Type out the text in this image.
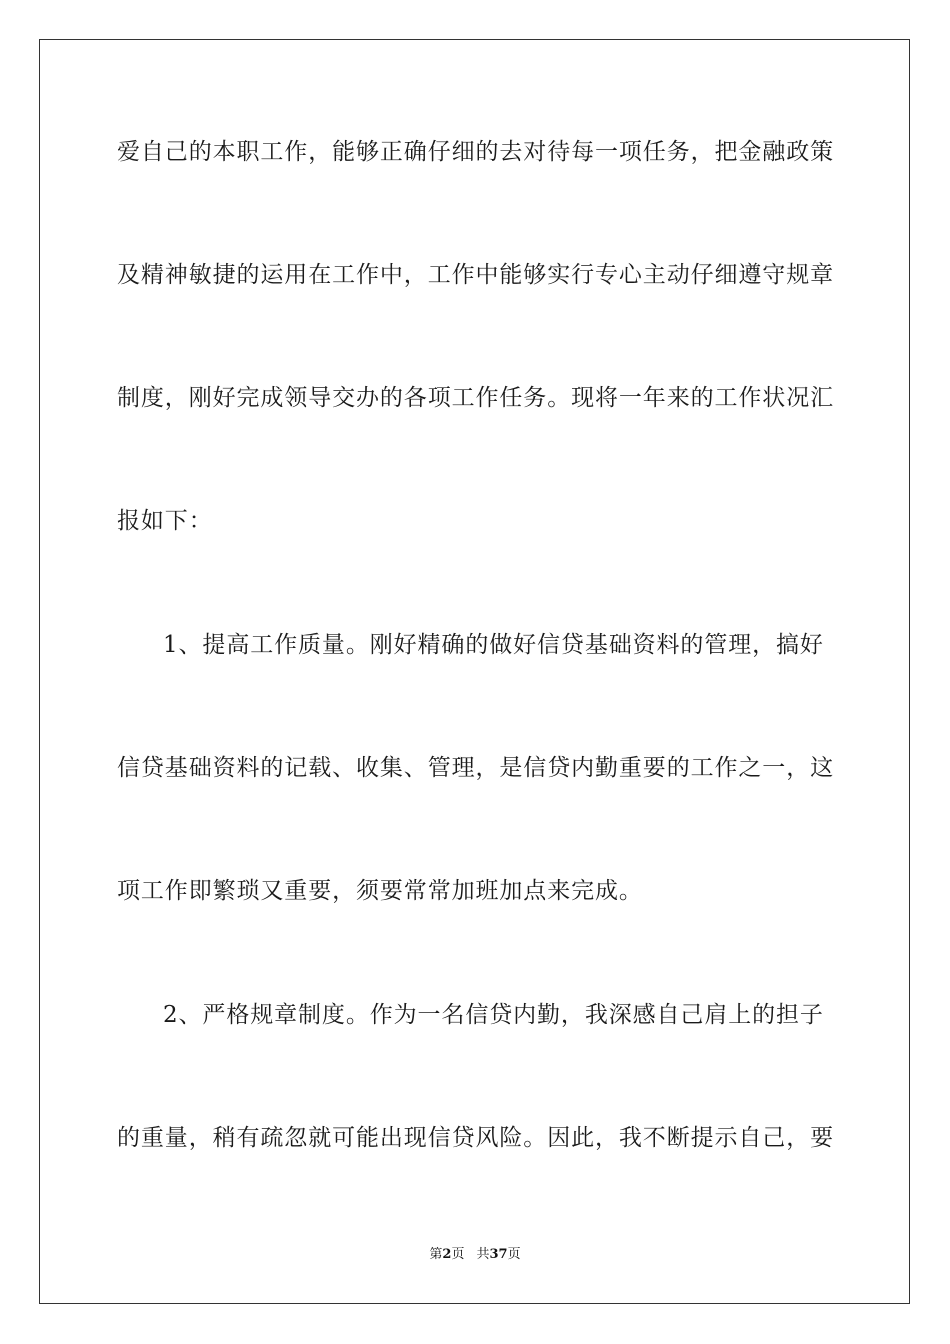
爱自己的本职工作，能够正确仔细的去对待每一项任务，把金融政策
及精神敏捷的运用在工作中，工作中能够实行专心主动仔细遵守规章
制度，刚好完成领导交办的各项工作任务。现将一年来的工作状况汇
报如下：
1、提高工作质量。刚好精确的做好信贷基础资料的管理，搞好
信贷基础资料的记载、收集、管理，是信贷内勤重要的工作之一，这
项工作即繁琐又重要，须要常常加班加点来完成。
2、严格规章制度。作为一名信贷内勤，我深感自己肩上的担子
的重量，稍有疏忽就可能出现信贷风险。因此，我不断提示自己，要
第2页 共37页
